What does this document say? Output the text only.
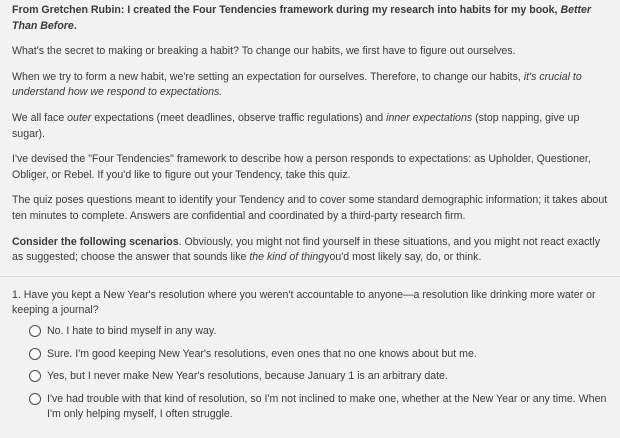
From Gretchen Rubin: I created the Four Tendencies framework during my research into habits for my book, Better Than Before.

What's the secret to making or breaking a habit? To change our habits, we first have to figure out ourselves.

When we try to form a new habit, we're setting an expectation for ourselves. Therefore, to change our habits, it's crucial to understand how we respond to expectations.

We all face outer expectations (meet deadlines, observe traffic regulations) and inner expectations (stop napping, give up sugar).

I've devised the "Four Tendencies" framework to describe how a person responds to expectations: as Upholder, Questioner, Obliger, or Rebel. If you'd like to figure out your Tendency, take this quiz.

The quiz poses questions meant to identify your Tendency and to cover some standard demographic information; it takes about ten minutes to complete. Answers are confidential and coordinated by a third-party research firm.

Consider the following scenarios. Obviously, you might not find yourself in these situations, and you might not react exactly as suggested; choose the answer that sounds like the kind of thingyou'd most likely say, do, or think.

1. Have you kept a New Year's resolution where you weren't accountable to anyone—a resolution like drinking more water or keeping a journal?

No. I hate to bind myself in any way.
Sure. I'm good keeping New Year's resolutions, even ones that no one knows about but me.
Yes, but I never make New Year's resolutions, because January 1 is an arbitrary date.
I've had trouble with that kind of resolution, so I'm not inclined to make one, whether at the New Year or any time. When I'm only helping myself, I often struggle.
